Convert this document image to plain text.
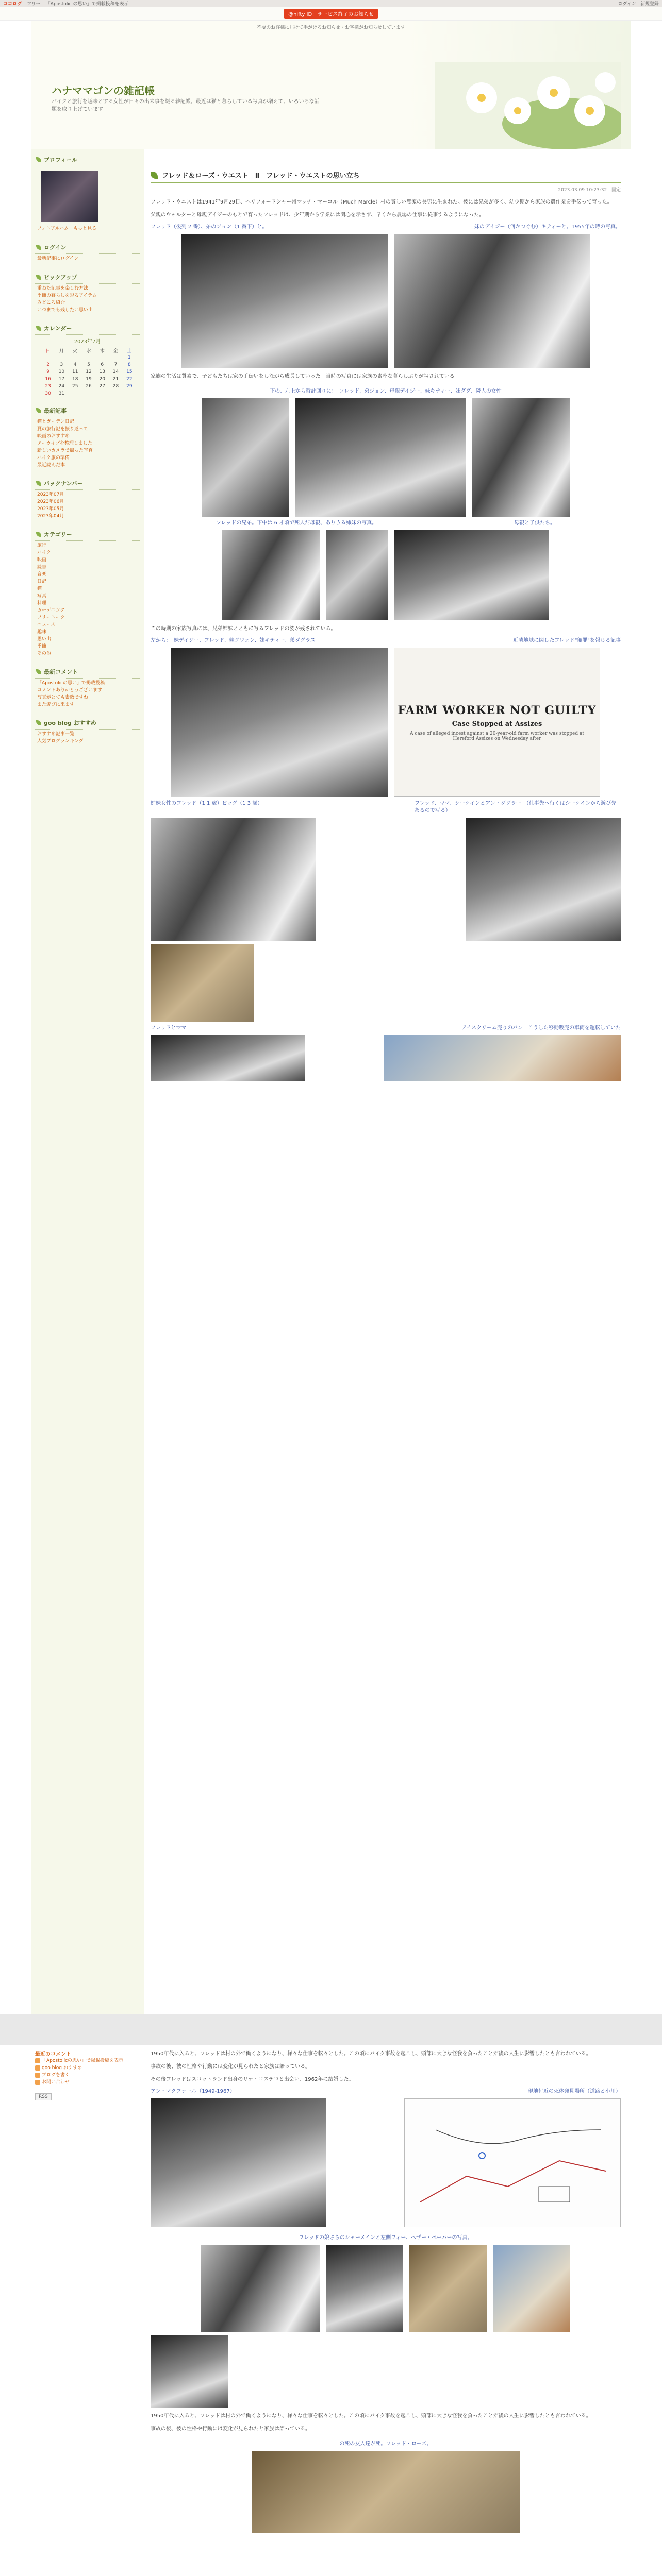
ココログ フリー 「Apostolic の思い」で掲載投稿を表示	ログイン 新規登録
@nifty ID：サービス終了のお知らせ
不要のお客様に届けて手がけるお知らせ・お客様がお知らせしています
ハナママゴンの雑記帳
バイクと旅行を趣味とする女性が日々の出来事を綴る雑記帳。最近は猫と暮らしている写真が増えて、いろいろな話題を取り上げています
プロフィール
フォトアルバム | もっと見る
ログイン
最新記事にログイン
ピックアップ
重ねた記事を楽しむ方法
季節の暮らしを彩るアイテム
みどころ紹介
いつまでも残したい思い出
カレンダー
2023年7月
日	月	火	水	木	金	土
						1
2	3	4	5	6	7	8
9	10	11	12	13	14	15
16	17	18	19	20	21	22
23	24	25	26	27	28	29
30	31					
最新記事
猫とガーデン日記
夏の旅行記を振り返って
映画のおすすめ
アーカイブを整理しました
新しいカメラで撮った写真
バイク旅の準備
最近読んだ本
バックナンバー
2023年07月
2023年06月
2023年05月
2023年04月
カテゴリー
旅行
バイク
映画
読書
音楽
日記
猫
写真
料理
ガーデニング
フリートーク
ニュース
趣味
思い出
季節
その他
最新コメント
「Apostolicの思い」で掲載投稿
コメントありがとうございます
写真がとても素敵ですね
また遊びに来ます
goo blog おすすめ
おすすめ記事一覧
人気ブログランキング
フレッド＆ローズ・ウエスト　Ⅱ　フレッド・ウエストの思い立ち
2023.03.09 10:23:32 | 固定

フレッド・ウエストは1941年9月29日、ヘリフォードシャー州マッチ・マーコル（Much Marcle）村の貧しい農家の長男に生まれた。彼には兄弟が多く、幼少期から家族の農作業を手伝って育った。

父親のウォルターと母親デイジーのもとで育ったフレッドは、少年期から学業には関心を示さず、早くから農場の仕事に従事するようになった。

フレッド（後列 2 番）、弟のジョン（1 番下）と。	妹のデイジー（何かつぐむ）キティーと。1955年の時の写真。

家族の生活は質素で、子どもたちは家の手伝いをしながら成長していった。当時の写真には家族の素朴な暮らしぶりが写されている。

下の、左上から時計回りに：　フレッド、弟ジョン、母親デイジー、妹キティー、妹ダグ、隣人の女性
フレッドの兄弟。下中は 6 才頃で死人だ母親、ありうる姉妹の写真。	母親と子供たち。

この時期の家族写真には、兄弟姉妹とともに写るフレッドの姿が残されている。

左から：　妹デイジー、フレッド、妹グウェン、妹キティー、弟ダグラス	近隣地域に関したフレッド"無罪"を報じる記事
FARM WORKER NOT GUILTY
Case Stopped at Assizes
A case of alleged incest against a 20-year-old farm worker was stopped at Hereford Assizes on Wednesday after
姉妹女性のフレッド（1 1 歳）ビッグ（1 3 歳）	フレッド、ママ、シーケインとアン・ダグラー　（仕事先へ行くはシーケインから遊び先あるので写る）
フレッドとママ	アイスクリーム売りのバン　こうした移動販売の車両を運転していた
最近のコメント
「Apostolicの思い」で掲載投稿を表示
goo blog おすすめ
ブログを書く
お問い合わせ
RSS

1950年代に入ると、フレッドは村の外で働くようになり、様々な仕事を転々とした。この頃にバイク事故を起こし、頭部に大きな怪我を負ったことが後の人生に影響したとも言われている。

事故の後、彼の性格や行動には変化が見られたと家族は語っている。

その後フレッドはスコットランド出身のリナ・コステロと出会い、1962年に結婚した。

アン・マクファール（1949-1967）	現地付近の死体発見場所（道路と小川）
フレッドの娘さらのシャーメインと左側フィー、ヘザー・ペーパーの写真。

1950年代に入ると、フレッドは村の外で働くようになり、様々な仕事を転々とした。この頃にバイク事故を起こし、頭部に大きな怪我を負ったことが後の人生に影響したとも言われている。

事故の後、彼の性格や行動には変化が見られたと家族は語っている。

の死の友人達が死。フレッド・ローズ。
